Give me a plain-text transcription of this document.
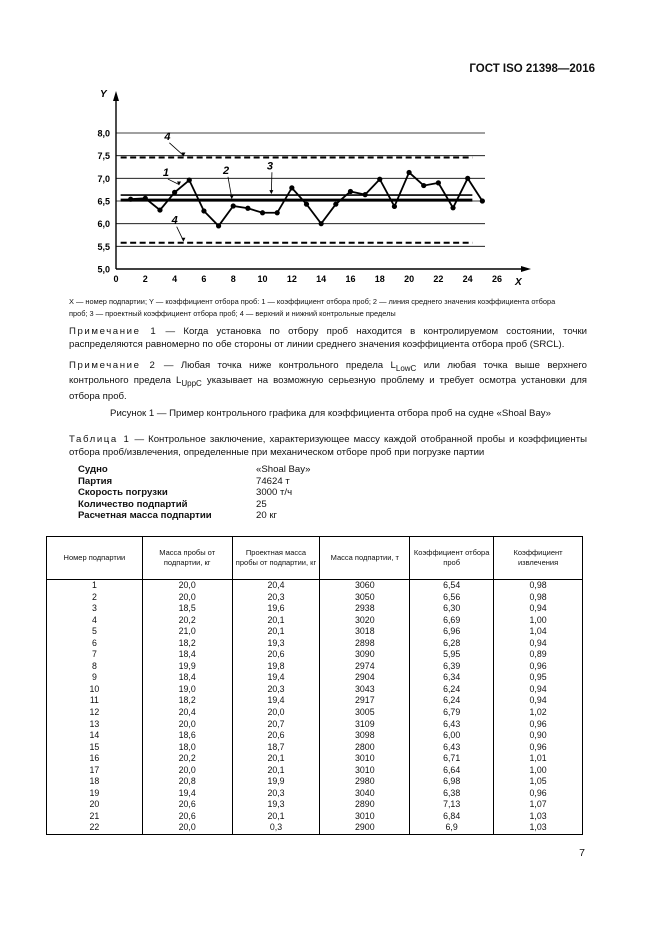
ГОСТ ISO 21398—2016
5,0
5,5
6,0
6,5
7,0
7,5
8,0
0	2	4	6	8 10 12 14 16 18 20 22 24 26
Y
X
4
1	2	3
4
X — номер подпартии; Y — коэффициент отбора проб: 1 — коэффициент отбора проб; 2 — линия среднего значения коэффициента отбора проб; 3 — проектный коэффициент отбора проб; 4 — верхний и нижний контрольные пределы
Примечание 1 — Когда установка по отбору проб находится в контролируемом состоянии, точки распределяются равномерно по обе стороны от линии среднего значения коэффициента отбора проб (SRCL).
Примечание 2 — Любая точка ниже контрольного предела $L_{LowC}$ или любая точка выше верхнего контрольного предела $L_{UppC}$ указывает на возможную серьезную проблему и требует осмотра установки для отбора проб.
Рисунок 1 — Пример контрольного графика для коэффициента отбора проб на судне «Shoal Bay»
Таблица 1 — Контрольное заключение, характеризующее массу каждой отобранной пробы и коэффициенты отбора проб/извлечения, определенные при механическом отборе проб при погрузке партии
Судно	«Shoal Bay»
Партия	74624 т
Скорость погрузки	3000 т/ч
Количество подпартий	25
Расчетная масса подпартии	20 кг
Номер подпартии	Масса пробы от подпартии, кг	Проектная масса пробы от подпартии, кг	Масса подпартии, т	Коэффициент отбора проб	Коэффициент извлечения
1	20,0	20,4	3060	6,54	0,98
2	20,0	20,3	3050	6,56	0,98
3	18,5	19,6	2938	6,30	0,94
4	20,2	20,1	3020	6,69	1,00
5	21,0	20,1	3018	6,96	1,04
6	18,2	19,3	2898	6,28	0,94
7	18,4	20,6	3090	5,95	0,89
8	19,9	19,8	2974	6,39	0,96
9	18,4	19,4	2904	6,34	0,95
10	19,0	20,3	3043	6,24	0,94
11	18,2	19,4	2917	6,24	0,94
12	20,4	20,0	3005	6,79	1,02
13	20,0	20,7	3109	6,43	0,96
14	18,6	20,6	3098	6,00	0,90
15	18,0	18,7	2800	6,43	0,96
16	20,2	20,1	3010	6,71	1,01
17	20,0	20,1	3010	6,64	1,00
18	20,8	19,9	2980	6,98	1,05
19	19,4	20,3	3040	6,38	0,96
20	20,6	19,3	2890	7,13	1,07
21	20,6	20,1	3010	6,84	1,03
22	20,0	0,3	2900	6,9	1,03
7
